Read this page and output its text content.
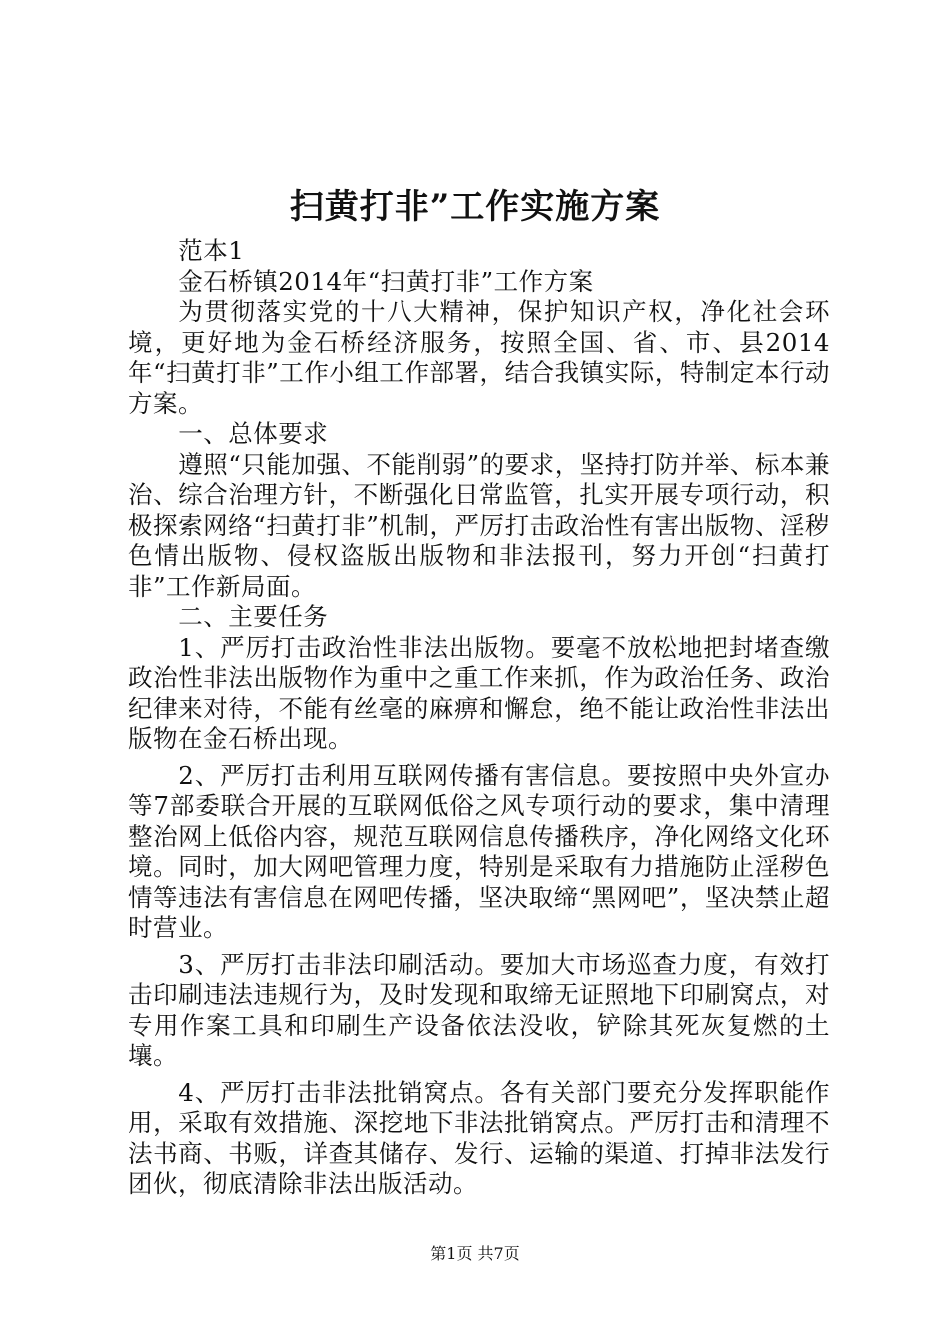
扫黄打非”工作实施方案

范本1

金石桥镇2014年“扫黄打非”工作方案

为贯彻落实党的十八大精神，保护知识产权，净化社会环境，更好地为金石桥经济服务，按照全国、省、市、县2014年“扫黄打非”工作小组工作部署，结合我镇实际，特制定本行动方案。

一、总体要求

遵照“只能加强、不能削弱”的要求，坚持打防并举、标本兼治、综合治理方针，不断强化日常监管，扎实开展专项行动，积极探索网络“扫黄打非”机制，严厉打击政治性有害出版物、淫秽色情出版物、侵权盗版出版物和非法报刊，努力开创“扫黄打非”工作新局面。

二、主要任务

1、严厉打击政治性非法出版物。要毫不放松地把封堵查缴政治性非法出版物作为重中之重工作来抓，作为政治任务、政治纪律来对待，不能有丝毫的麻痹和懈怠，绝不能让政治性非法出版物在金石桥出现。

2、严厉打击利用互联网传播有害信息。要按照中央外宣办等7部委联合开展的互联网低俗之风专项行动的要求，集中清理整治网上低俗内容，规范互联网信息传播秩序，净化网络文化环境。同时，加大网吧管理力度，特别是采取有力措施防止淫秽色情等违法有害信息在网吧传播，坚决取缔“黑网吧”，坚决禁止超时营业。

3、严厉打击非法印刷活动。要加大市场巡查力度，有效打击印刷违法违规行为，及时发现和取缔无证照地下印刷窝点，对专用作案工具和印刷生产设备依法没收，铲除其死灰复燃的土壤。

4、严厉打击非法批销窝点。各有关部门要充分发挥职能作用，采取有效措施、深挖地下非法批销窝点。严厉打击和清理不法书商、书贩，详查其储存、发行、运输的渠道、打掉非法发行团伙，彻底清除非法出版活动。

第1页 共7页
